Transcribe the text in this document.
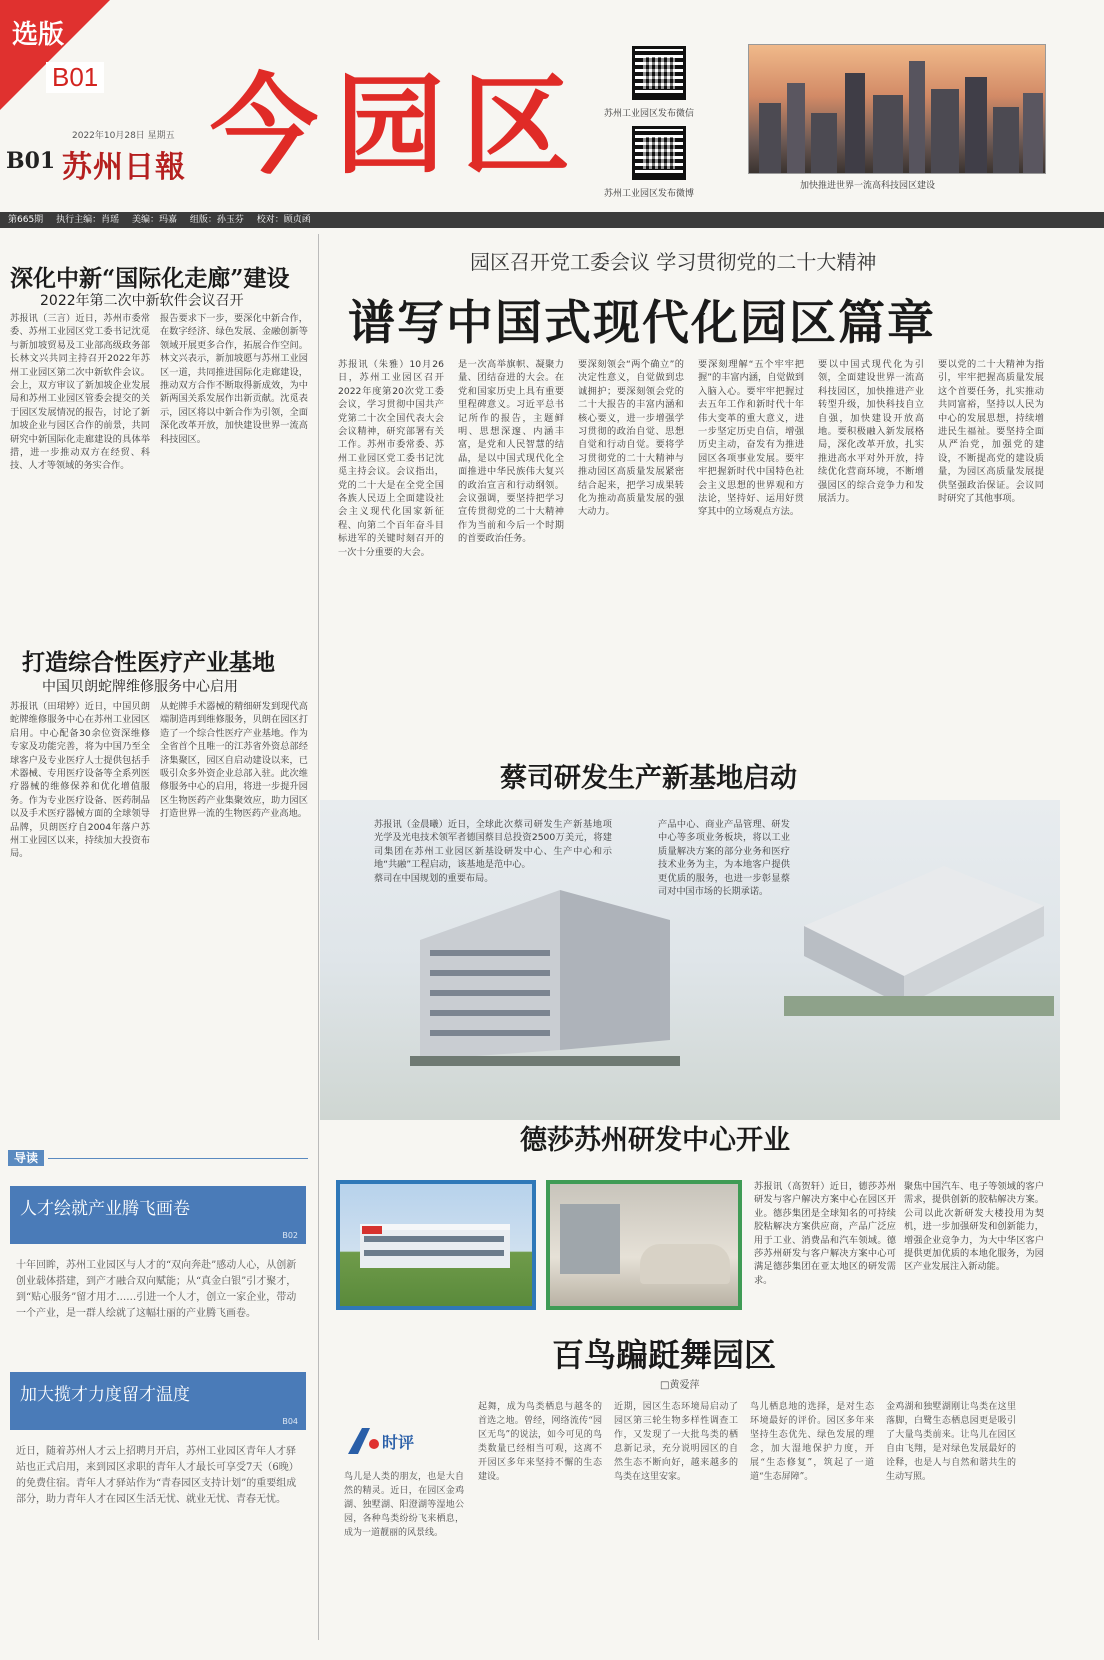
选版
B01
2022年10月28日 星期五
B01 苏州日報 今园区 苏州工业园区发布微信
苏州工业园区发布微博
加快推进世界一流高科技园区建设
第665期 执行主编：肖瑶 美编：玛嘉 组版：孙玉芬 校对：顾贞函
深化中新“国际化走廊”建设
2022年第二次中新软件会议召开
苏报讯（三言）近日，苏州市委常委、苏州工业园区党工委书记沈觅与新加坡贸易及工业部高级政务部长林文兴共同主持召开2022年苏州工业园区第二次中新软件会议。会上，双方审议了新加坡企业发展局和苏州工业园区管委会提交的关于园区发展情况的报告，讨论了新加坡企业与园区合作的前景，共同研究中新国际化走廊建设的具体举措，进一步推动双方在经贸、科技、人才等领域的务实合作。
报告要求下一步，要深化中新合作，在数字经济、绿色发展、金融创新等领域开展更多合作，拓展合作空间。林文兴表示，新加坡愿与苏州工业园区一道，共同推进国际化走廊建设，推动双方合作不断取得新成效，为中新两国关系发展作出新贡献。沈觅表示，园区将以中新合作为引领，全面深化改革开放，加快建设世界一流高科技园区。
打造综合性医疗产业基地
中国贝朗蛇牌维修服务中心启用
苏报讯（田珺婷）近日，中国贝朗蛇牌维修服务中心在苏州工业园区启用。中心配备30余位资深维修专家及功能完善，将为中国乃至全球客户及专业医疗人士提供包括手术器械、专用医疗设备等全系列医疗器械的维修保养和优化增值服务。作为专业医疗设备、医药制品以及手术医疗器械方面的全球领导品牌，贝朗医疗自2004年落户苏州工业园区以来，持续加大投资布局。
从蛇牌手术器械的精细研发到现代高端制造再到维修服务，贝朗在园区打造了一个综合性医疗产业基地。作为全省首个且唯一的江苏省外资总部经济集聚区，园区自启动建设以来，已吸引众多外资企业总部入驻。此次维修服务中心的启用，将进一步提升园区生物医药产业集聚效应，助力园区打造世界一流的生物医药产业高地。
导读
人才绘就产业腾飞画卷
B02
十年回眸，苏州工业园区与人才的“双向奔赴”感动人心，从创新创业载体搭建，到产才融合双向赋能；从“真金白银”引才聚才，到“贴心服务”留才用才……引进一个人才，创立一家企业，带动一个产业，是一群人绘就了这幅壮丽的产业腾飞画卷。
加大揽才力度留才温度
B04
近日，随着苏州人才云上招聘月开启，苏州工业园区青年人才驿站也正式启用，来到园区求职的青年人才最长可享受7天（6晚）的免费住宿。青年人才驿站作为“青春园区支持计划”的重要组成部分，助力青年人才在园区生活无忧、就业无忧、青春无忧。
园区召开党工委会议 学习贯彻党的二十大精神
谱写中国式现代化园区篇章
苏报讯（朱雅）10月26日，苏州工业园区召开2022年度第20次党工委会议，学习贯彻中国共产党第二十次全国代表大会会议精神，研究部署有关工作。苏州市委常委、苏州工业园区党工委书记沈觅主持会议。会议指出，党的二十大是在全党全国各族人民迈上全面建设社会主义现代化国家新征程、向第二个百年奋斗目标进军的关键时刻召开的一次十分重要的大会。
是一次高举旗帜、凝聚力量、团结奋进的大会。在党和国家历史上具有重要里程碑意义。习近平总书记所作的报告，主题鲜明、思想深邃、内涵丰富，是党和人民智慧的结晶，是以中国式现代化全面推进中华民族伟大复兴的政治宣言和行动纲领。会议强调，要坚持把学习宣传贯彻党的二十大精神作为当前和今后一个时期的首要政治任务。
要深刻领会“两个确立”的决定性意义，自觉做到忠诚拥护；要深刻领会党的二十大报告的丰富内涵和核心要义，进一步增强学习贯彻的政治自觉、思想自觉和行动自觉。要将学习贯彻党的二十大精神与推动园区高质量发展紧密结合起来，把学习成果转化为推动高质量发展的强大动力。
要深刻理解“五个牢牢把握”的丰富内涵，自觉做到入脑入心。要牢牢把握过去五年工作和新时代十年伟大变革的重大意义，进一步坚定历史自信，增强历史主动，奋发有为推进园区各项事业发展。要牢牢把握新时代中国特色社会主义思想的世界观和方法论，坚持好、运用好贯穿其中的立场观点方法。
要以中国式现代化为引领，全面建设世界一流高科技园区，加快推进产业转型升级，加快科技自立自强，加快建设开放高地。要积极融入新发展格局，深化改革开放，扎实推进高水平对外开放，持续优化营商环境，不断增强园区的综合竞争力和发展活力。
要以党的二十大精神为指引，牢牢把握高质量发展这个首要任务，扎实推动共同富裕，坚持以人民为中心的发展思想，持续增进民生福祉。要坚持全面从严治党，加强党的建设，不断提高党的建设质量，为园区高质量发展提供坚强政治保证。会议同时研究了其他事项。
蔡司研发生产新基地启动
苏报讯（金晨曦）近日，全球光学及光电技术领军者德国蔡司集团在苏州工业园区新基地“共融”工程启动，该基地是蔡司在中国规划的重要布局。
此次蔡司研发生产新基地项目总投资2500万美元，将建设研发中心、生产中心和示范中心。
产品中心、商业产品管理、研发中心等多项业务板块，将以工业质量解决方案的部分业务和医疗技术业务为主，为本地客户提供更优质的服务，也进一步彰显蔡司对中国市场的长期承诺。
德莎苏州研发中心开业
苏报讯（高贺轩）近日，德莎苏州研发与客户解决方案中心在园区开业。德莎集团是全球知名的可持续胶粘解决方案供应商，产品广泛应用于工业、消费品和汽车领域。德莎苏州研发与客户解决方案中心可满足德莎集团在亚太地区的研发需求。
聚焦中国汽车、电子等领域的客户需求，提供创新的胶粘解决方案。公司以此次新研发大楼投用为契机，进一步加强研发和创新能力，增强企业竞争力，为大中华区客户提供更加优质的本地化服务，为园区产业发展注入新动能。
百鸟蹁跹舞园区
□黄爱萍
时评
鸟儿是人类的朋友，也是大自然的精灵。近日，在园区金鸡湖、独墅湖、阳澄湖等湿地公园，各种鸟类纷纷飞来栖息，成为一道靓丽的风景线。
起舞，成为鸟类栖息与越冬的首选之地。曾经，网络流传“园区无鸟”的说法，如今可见的鸟类数量已经相当可观，这离不开园区多年来坚持不懈的生态建设。
近期，园区生态环境局启动了园区第三轮生物多样性调查工作，又发现了一大批鸟类的栖息新记录，充分说明园区的自然生态不断向好，越来越多的鸟类在这里安家。
鸟儿栖息地的选择，是对生态环境最好的评价。园区多年来坚持生态优先、绿色发展的理念，加大湿地保护力度，开展“生态修复”，筑起了一道道“生态屏障”。
金鸡湖和独墅湖刚让鸟类在这里落脚，白鹭生态栖息园更是吸引了大量鸟类前来。让鸟儿在园区自由飞翔，是对绿色发展最好的诠释，也是人与自然和谐共生的生动写照。
